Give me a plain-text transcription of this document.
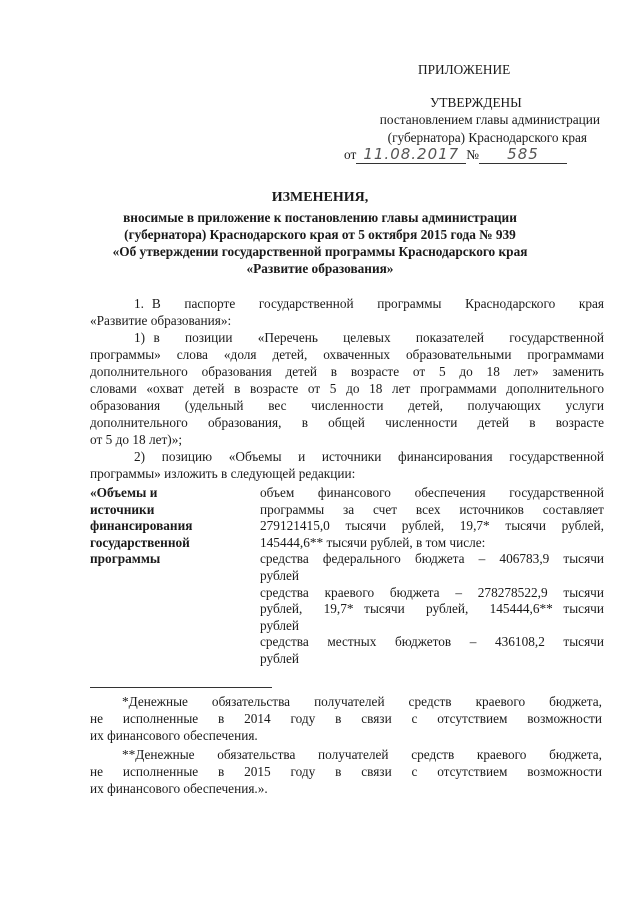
ПРИЛОЖЕНИЕ
УТВЕРЖДЕНЫ
постановлением главы администрации
(губернатора) Краснодарского края
от 11.08.2017 № 585
ИЗМЕНЕНИЯ,
вносимые в приложение к постановлению главы администрации
(губернатора) Краснодарского края от 5 октября 2015 года № 939
«Об утверждении государственной программы Краснодарского края
«Развитие образования»
1. В   паспорте   государственной   программы   Краснодарского   края
«Развитие образования»:
1) в   позиции   «Перечень   целевых   показателей   государственной
программы» слова «доля детей, охваченных образовательными программами
дополнительного образования детей в возрасте от 5 до 18 лет» заменить
словами «охват детей в возрасте от 5 до 18 лет программами дополнительного
образования  (удельный  вес  численности  детей,  получающих  услуги
дополнительного образования, в общей численности детей в возрасте
от 5 до 18 лет)»;
2) позицию «Объемы и источники финансирования государственной
программы» изложить в следующей редакции:
«Объемы и
источники
финансирования
государственной
программы
объем финансового обеспечения государственной
программы за счет всех источников составляет
279121415,0 тысячи рублей, 19,7* тысячи рублей,
145444,6** тысячи рублей, в том числе:
средства федерального бюджета – 406783,9 тысячи
рублей
средства краевого бюджета – 278278522,9 тысячи
рублей,  19,7* тысячи  рублей,  145444,6** тысячи
рублей
средства местных бюджетов – 436108,2 тысячи
рублей
*Денежные обязательства получателей средств краевого бюджета,
не исполненные в 2014 году в связи с отсутствием возможности
их финансового обеспечения.
**Денежные обязательства получателей средств краевого бюджета,
не исполненные в 2015 году в связи с отсутствием возможности
их финансового обеспечения.».
